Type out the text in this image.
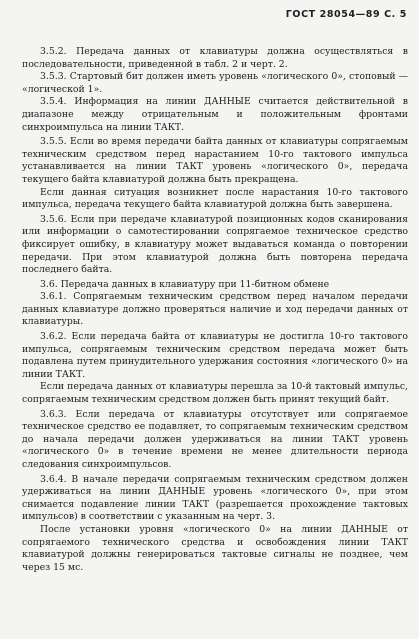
ГОСТ 28054—89 С. 5

3.5.2. Передача данных от клавиатуры должна осуществляться в последовательности, приведенной в табл. 2 и черт. 2.

3.5.3. Стартовый бит должен иметь уровень «логического 0», стоповый — «логической 1».

3.5.4. Информация на линии ДАННЫЕ считается действительной в диапазоне между отрицательным и положительным фронтами синхроимпульса на линии ТАКТ.

3.5.5. Если во время передачи байта данных от клавиатуры сопрягаемым техническим средством перед нарастанием 10-го тактового импульса устанавливается на линии ТАКТ уровень «логического 0», передача текущего байта клавиатурой должна быть прекращена.

Если данная ситуация возникнет после нарастания 10-го тактового импульса, передача текущего байта клавиатурой должна быть завершена.

3.5.6. Если при передаче клавиатурой позиционных кодов сканирования или информации о самотестировании сопрягаемое техническое средство фиксирует ошибку, в клавиатуру может выдаваться команда о повторении передачи. При этом клавиатурой должна быть повторена передача последнего байта.

3.6. Передача данных в клавиатуру при 11-битном обмене

3.6.1. Сопрягаемым техническим средством перед началом передачи данных клавиатуре должно проверяться наличие и ход передачи данных от клавиатуры.

3.6.2. Если передача байта от клавиатуры не достигла 10-го тактового импульса, сопрягаемым техническим средством передача может быть подавлена путем принудительного удержания состояния «логического 0» на линии ТАКТ.

Если передача данных от клавиатуры перешла за 10-й тактовый импульс, сопрягаемым техническим средством должен быть принят текущий байт.

3.6.3. Если передача от клавиатуры отсутствует или сопрягаемое техническое средство ее подавляет, то сопрягаемым техническим средством до начала передачи должен удерживаться на линии ТАКТ уровень «логического 0» в течение времени не менее длительности периода следования синхроимпульсов.

3.6.4. В начале передачи сопрягаемым техническим средством должен удерживаться на линии ДАННЫЕ уровень «логического 0», при этом снимается подавление линии ТАКТ (разрешается прохождение тактовых импульсов) в соответствии с указанным на черт. 3.

После установки уровня «логического 0» на линии ДАННЫЕ от сопрягаемого технического средства и освобождения линии ТАКТ клавиатурой должны генерироваться тактовые сигналы не позднее, чем через 15 мс.
